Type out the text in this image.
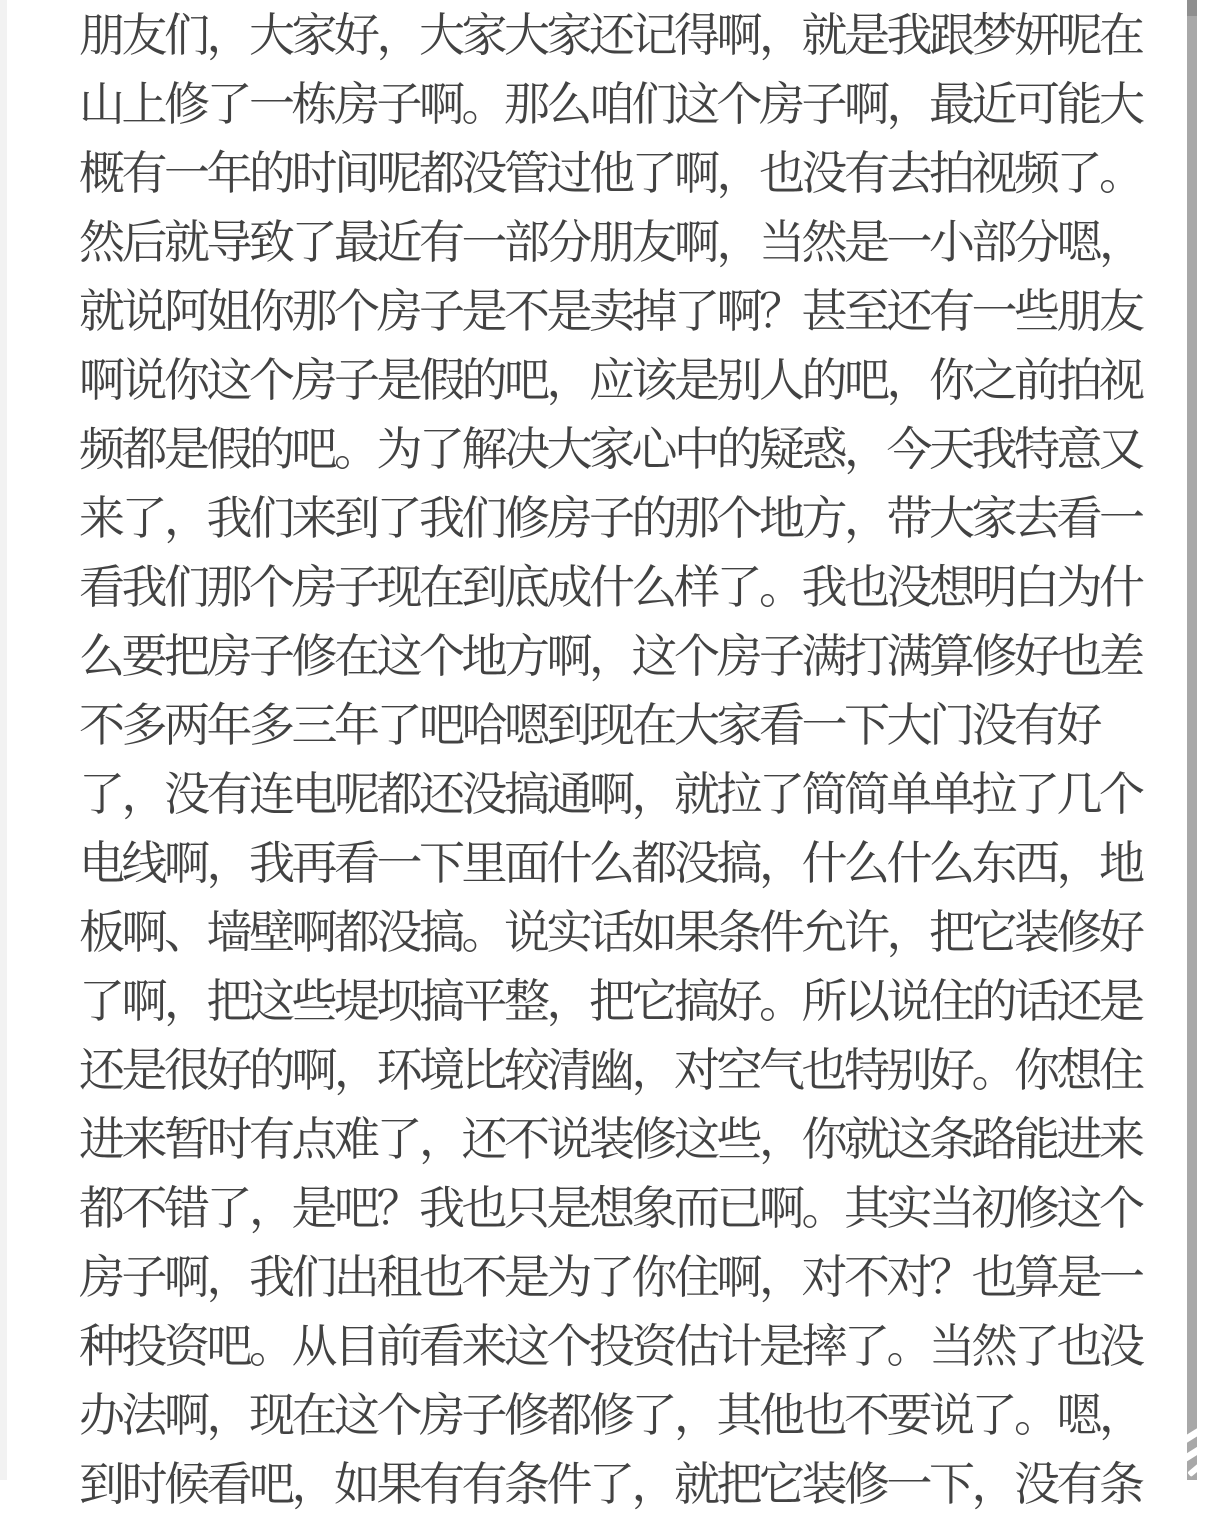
朋友们，大家好，大家大家还记得啊，就是我跟梦妍呢在
山上修了一栋房子啊。那么咱们这个房子啊，最近可能大
概有一年的时间呢都没管过他了啊，也没有去拍视频了。
然后就导致了最近有一部分朋友啊，当然是一小部分嗯，
就说阿姐你那个房子是不是卖掉了啊？甚至还有一些朋友
啊说你这个房子是假的吧，应该是别人的吧，你之前拍视
频都是假的吧。为了解决大家心中的疑惑，今天我特意又
来了，我们来到了我们修房子的那个地方，带大家去看一
看我们那个房子现在到底成什么样了。我也没想明白为什
么要把房子修在这个地方啊，这个房子满打满算修好也差
不多两年多三年了吧哈嗯到现在大家看一下大门没有好
了，没有连电呢都还没搞通啊，就拉了简简单单拉了几个
电线啊，我再看一下里面什么都没搞，什么什么东西，地
板啊、墙壁啊都没搞。说实话如果条件允许，把它装修好
了啊，把这些堤坝搞平整，把它搞好。所以说住的话还是
还是很好的啊，环境比较清幽，对空气也特别好。你想住
进来暂时有点难了，还不说装修这些，你就这条路能进来
都不错了，是吧？我也只是想象而已啊。其实当初修这个
房子啊，我们出租也不是为了你住啊，对不对？也算是一
种投资吧。从目前看来这个投资估计是摔了。当然了也没
办法啊，现在这个房子修都修了，其他也不要说了。嗯，
到时候看吧，如果有有条件了，就把它装修一下，没有条
